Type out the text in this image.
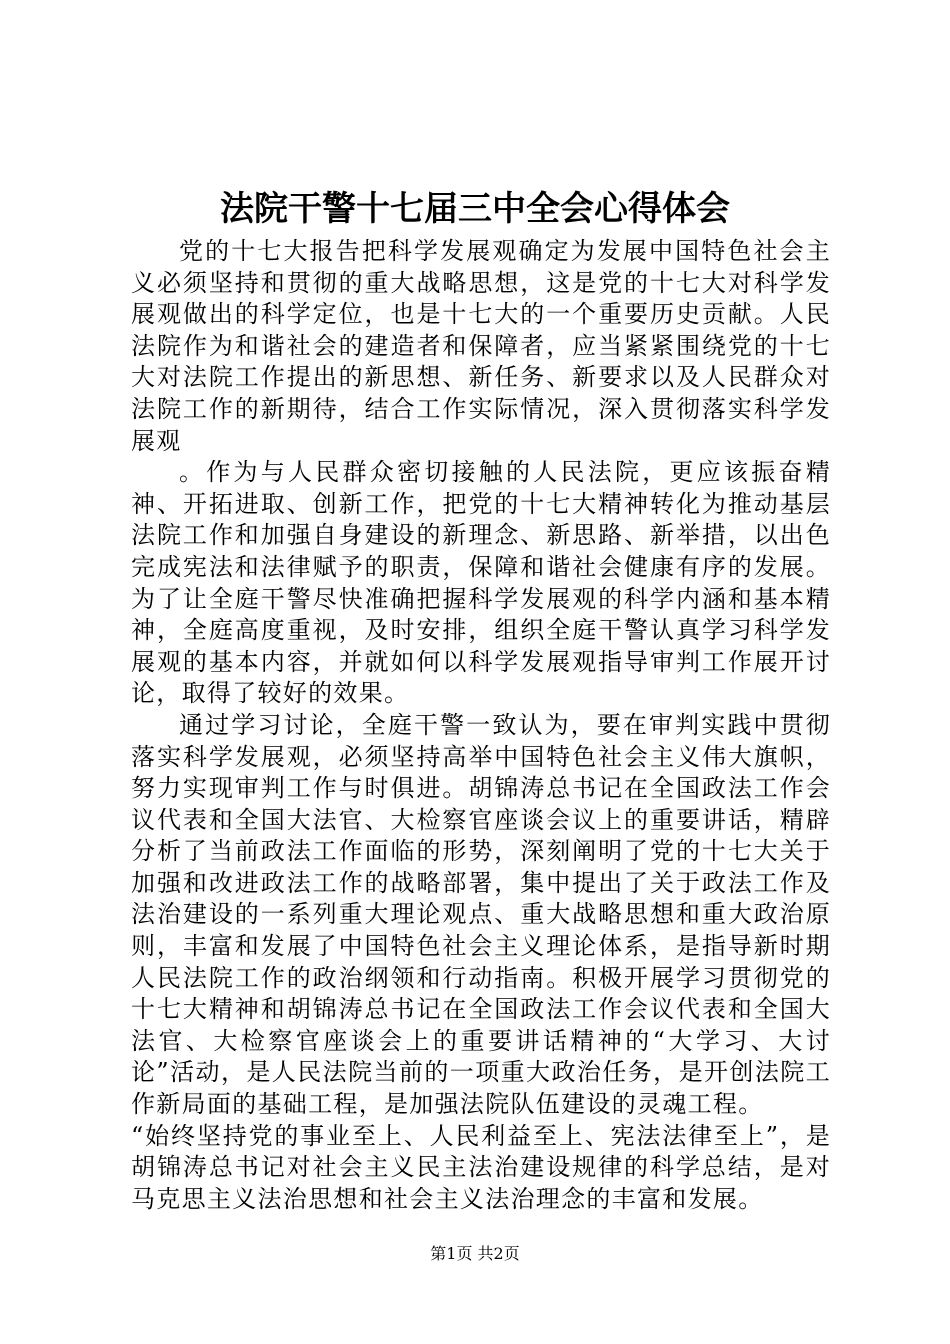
法院干警十七届三中全会心得体会

党的十七大报告把科学发展观确定为发展中国特色社会主义必须坚持和贯彻的重大战略思想，这是党的十七大对科学发展观做出的科学定位，也是十七大的一个重要历史贡献。人民法院作为和谐社会的建造者和保障者，应当紧紧围绕党的十七大对法院工作提出的新思想、新任务、新要求以及人民群众对法院工作的新期待，结合工作实际情况，深入贯彻落实科学发展观

。作为与人民群众密切接触的人民法院，更应该振奋精神、开拓进取、创新工作，把党的十七大精神转化为推动基层法院工作和加强自身建设的新理念、新思路、新举措，以出色完成宪法和法律赋予的职责，保障和谐社会健康有序的发展。为了让全庭干警尽快准确把握科学发展观的科学内涵和基本精神，全庭高度重视，及时安排，组织全庭干警认真学习科学发展观的基本内容，并就如何以科学发展观指导审判工作展开讨论，取得了较好的效果。

通过学习讨论，全庭干警一致认为，要在审判实践中贯彻落实科学发展观，必须坚持高举中国特色社会主义伟大旗帜，努力实现审判工作与时俱进。胡锦涛总书记在全国政法工作会议代表和全国大法官、大检察官座谈会议上的重要讲话，精辟分析了当前政法工作面临的形势，深刻阐明了党的十七大关于加强和改进政法工作的战略部署，集中提出了关于政法工作及法治建设的一系列重大理论观点、重大战略思想和重大政治原则，丰富和发展了中国特色社会主义理论体系，是指导新时期人民法院工作的政治纲领和行动指南。积极开展学习贯彻党的十七大精神和胡锦涛总书记在全国政法工作会议代表和全国大法官、大检察官座谈会上的重要讲话精神的“大学习、大讨论”活动，是人民法院当前的一项重大政治任务，是开创法院工作新局面的基础工程，是加强法院队伍建设的灵魂工程。

“始终坚持党的事业至上、人民利益至上、宪法法律至上”，是胡锦涛总书记对社会主义民主法治建设规律的科学总结，是对马克思主义法治思想和社会主义法治理念的丰富和发展。

第1页 共2页
